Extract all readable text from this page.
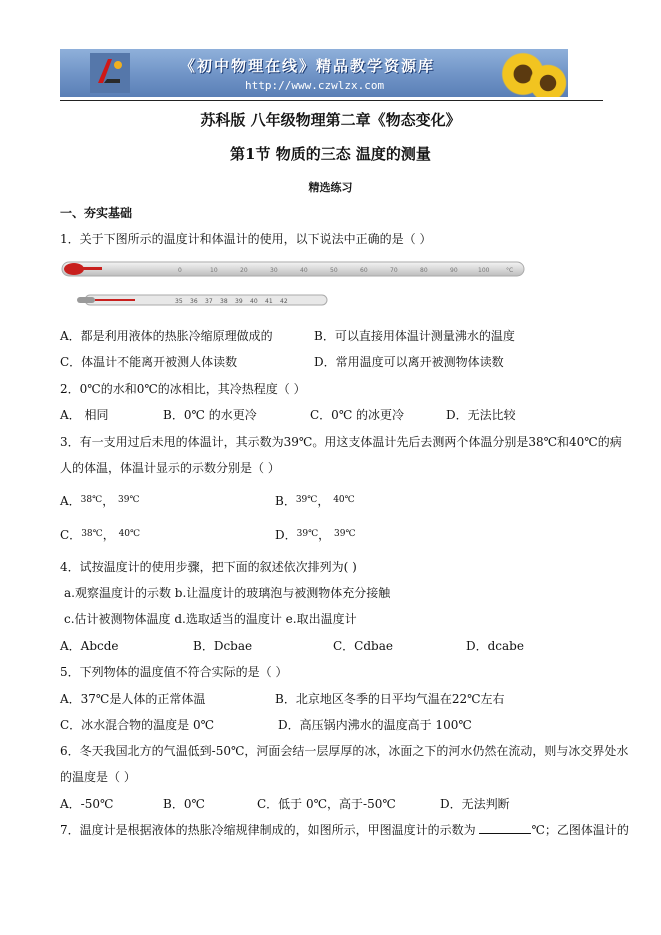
《初中物理在线》精品教学资源库
http://www.czwlzx.com
苏科版 八年级物理第二章《物态变化》
第1节 物质的三态 温度的测量
精选练习
一、夯实基础
1．关于下图所示的温度计和体温计的使用，以下说法中正确的是（ ）
0	10	20	30	40	50	60	70	80	90	100	°C
35 36 37 38 39 40 41 42
A．都是利用液体的热胀冷缩原理做成的	B．可以直接用体温计测量沸水的温度
C．体温计不能离开被测人体读数	D．常用温度可以离开被测物体读数
2．0℃的水和0℃的冰相比，其冷热程度（ ）
A． 相同	B．0℃ 的水更冷	C．0℃ 的冰更冷	D．无法比较
3．有一支用过后未甩的体温计，其示数为39℃。用这支体温计先后去测两个体温分别是38℃和40℃的病
人的体温，体温计显示的示数分别是（ ）
A．$^{38℃}$， $^{39℃}$	B．$^{39℃}$， $^{40℃}$
C．$^{38℃}$， $^{40℃}$	D．$^{39℃}$， $^{39℃}$
4．试按温度计的使用步骤，把下面的叙述依次排列为( )
a.观察温度计的示数 b.让温度计的玻璃泡与被测物体充分接触
c.估计被测物体温度 d.选取适当的温度计 e.取出温度计
A．Abcde	B．Dcbae	C．Cdbae	D．dcabe
5．下列物体的温度值不符合实际的是（ ）
A．37℃是人体的正常体温	B．北京地区冬季的日平均气温在22℃左右
C．冰水混合物的温度是 0℃	D．高压锅内沸水的温度高于 100℃
6．冬天我国北方的气温低到-50℃，河面会结一层厚厚的冰，冰面之下的河水仍然在流动，则与冰交界处水
的温度是（ ）
A．-50℃	B．0℃	C．低于 0℃，高于-50℃	D．无法判断
7．温度计是根据液体的热胀冷缩规律制成的，如图所示，甲图温度计的示数为	℃；乙图体温计的
